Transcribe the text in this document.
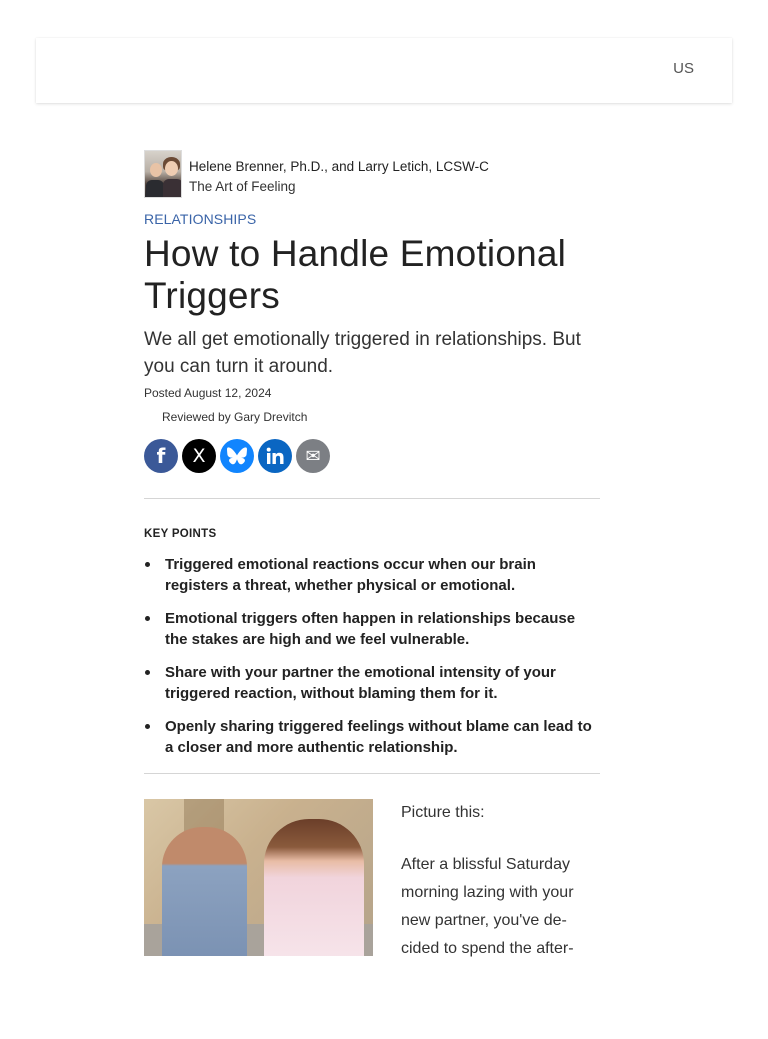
US
Helene Brenner, Ph.D., and Larry Letich, LCSW-C
The Art of Feeling
RELATIONSHIPS
How to Handle Emotional Triggers
We all get emotionally triggered in relationships. But you can turn it around.
Posted August 12, 2024
Reviewed by Gary Drevitch
f X	✉
KEY POINTS
Triggered emotional reactions occur when our brain registers a threat, whether physical or emotional.
Emotional triggers often happen in relationships because the stakes are high and we feel vulnerable.
Share with your partner the emotional intensity of your triggered reaction, without blaming them for it.
Openly sharing triggered feelings without blame can lead to a closer and more authentic relationship.

Picture this:

After a blissful Saturday morning lazing with your new partner, you've de-cided to spend the after-
